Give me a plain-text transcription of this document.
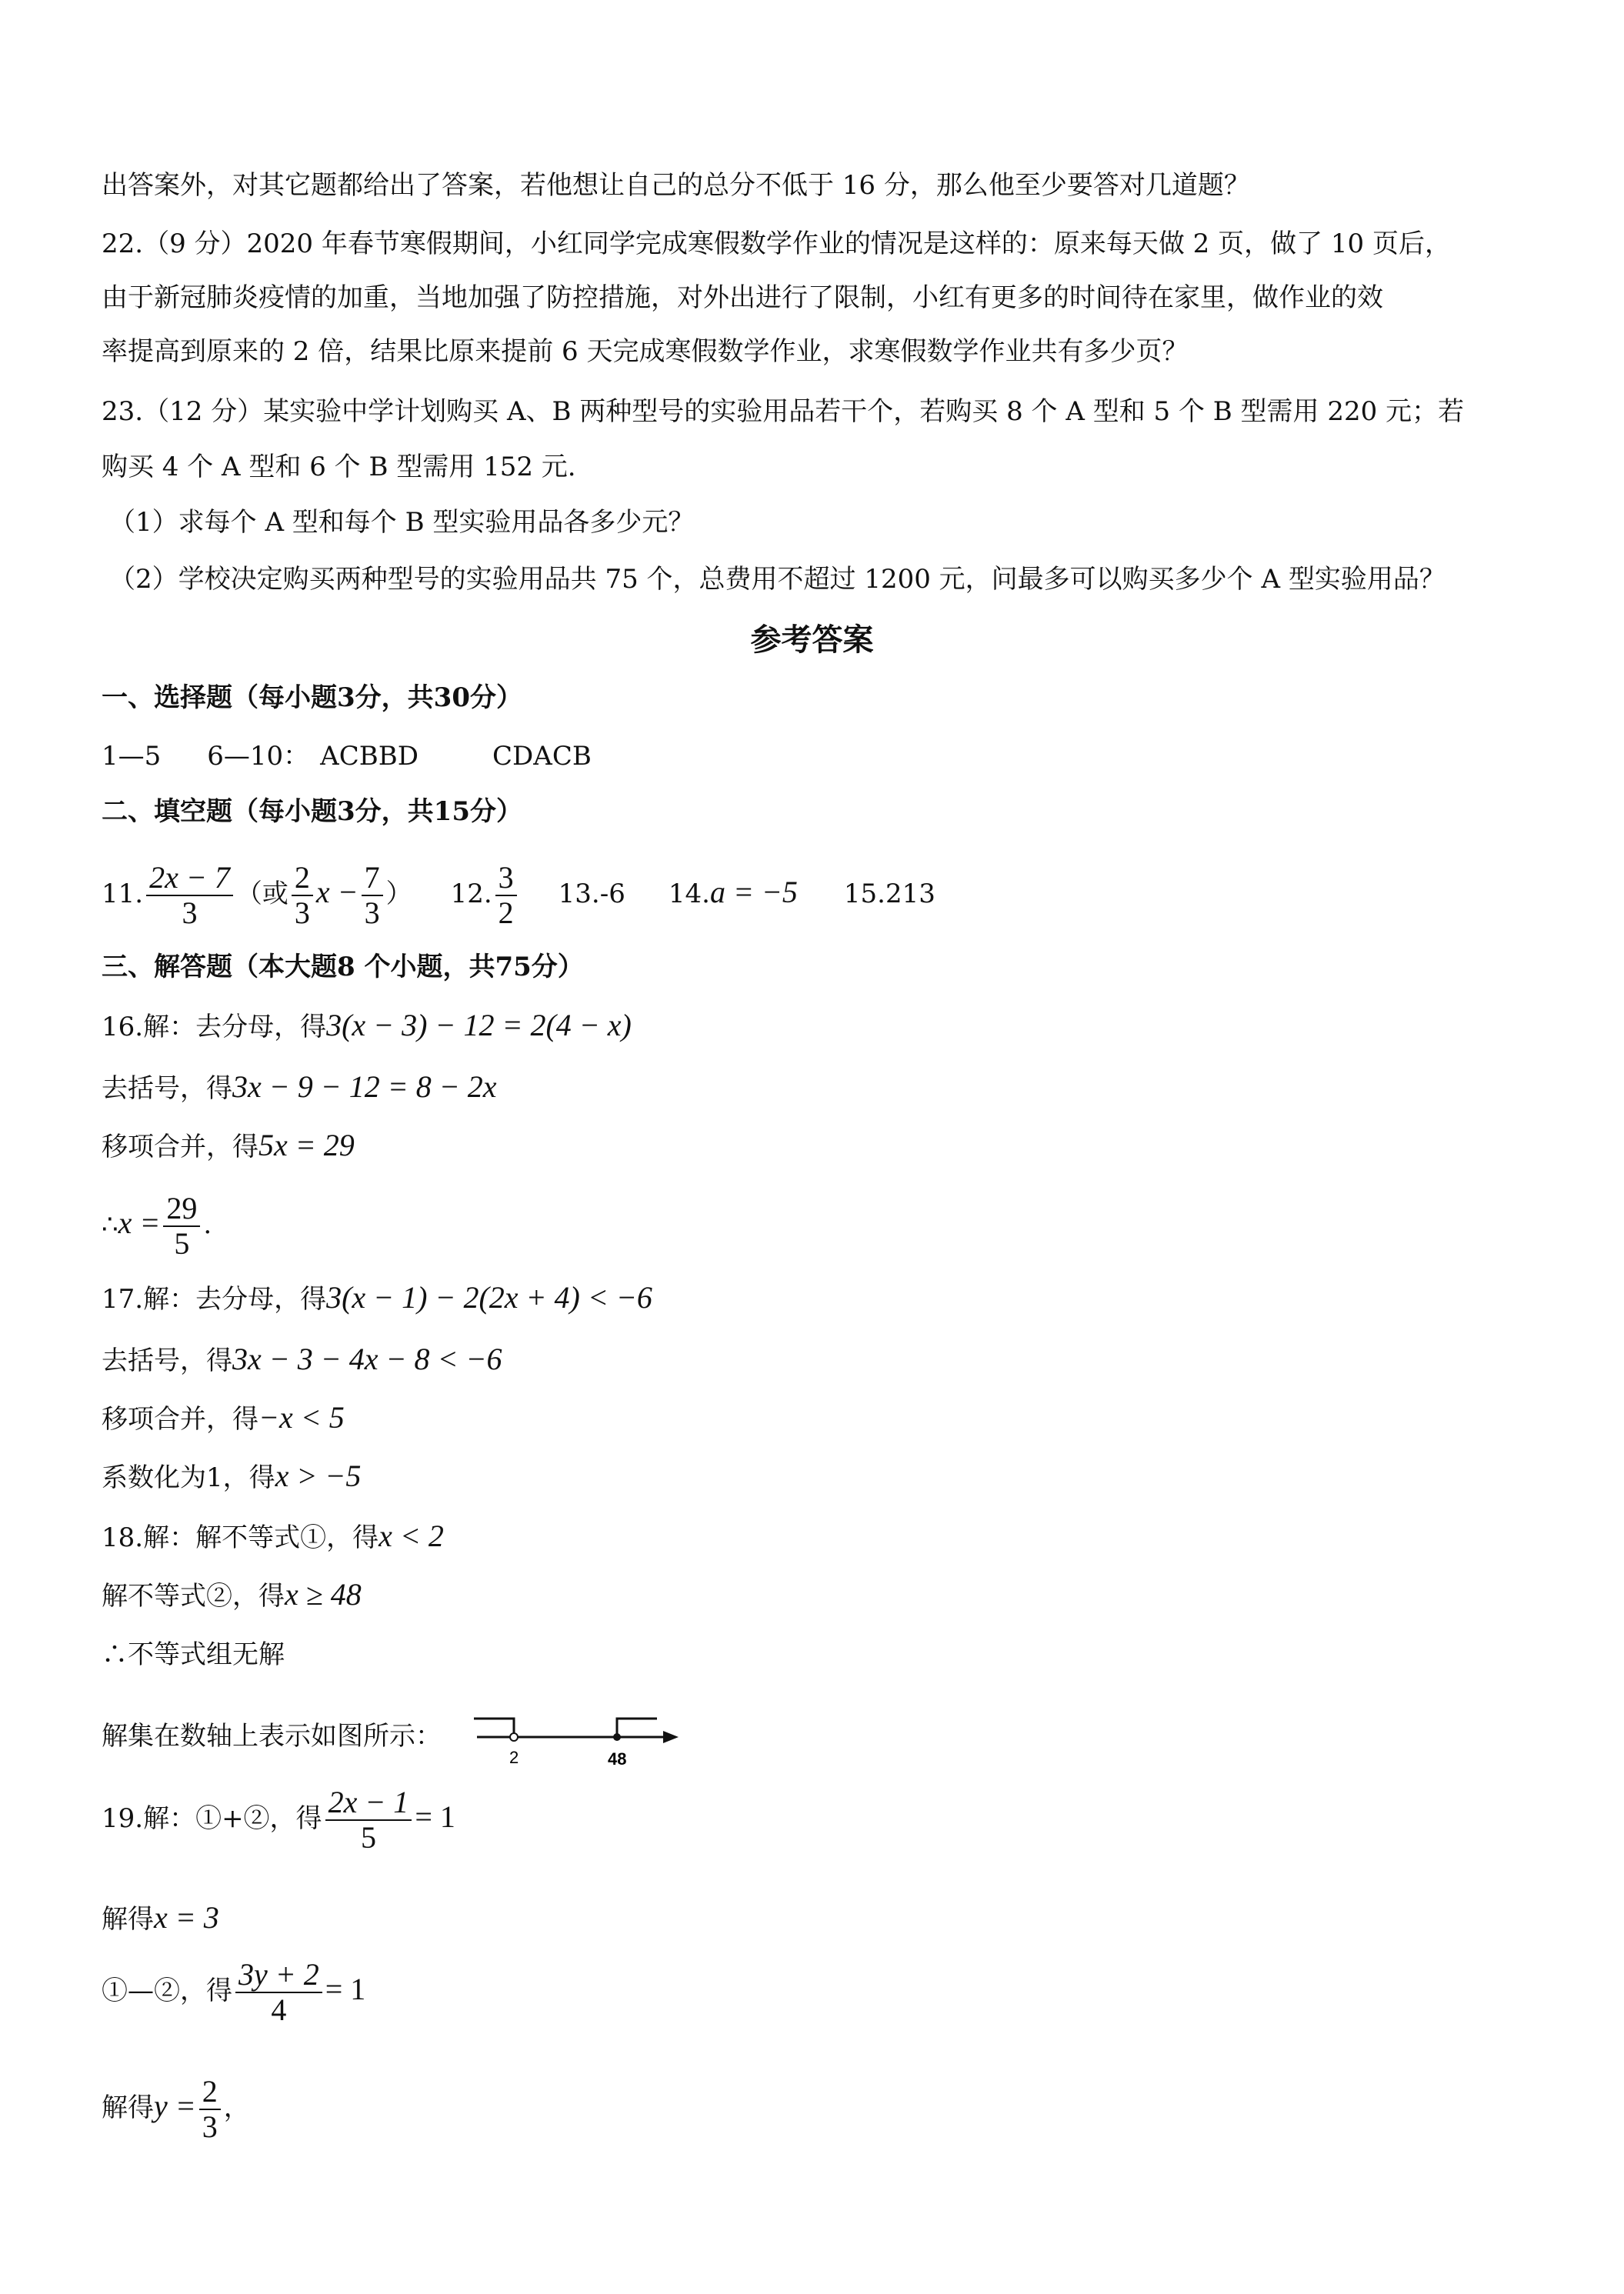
出答案外，对其它题都给出了答案，若他想让自己的总分不低于 16 分，那么他至少要答对几道题？
22.（9 分）2020 年春节寒假期间，小红同学完成寒假数学作业的情况是这样的：原来每天做 2 页，做了 10 页后，
由于新冠肺炎疫情的加重，当地加强了防控措施，对外出进行了限制，小红有更多的时间待在家里，做作业的效
率提高到原来的 2 倍，结果比原来提前 6 天完成寒假数学作业，求寒假数学作业共有多少页？
23.（12 分）某实验中学计划购买 A、B 两种型号的实验用品若干个，若购买 8 个 A 型和 5 个 B 型需用 220 元；若
购买 4 个 A 型和 6 个 B 型需用 152 元.
（1）求每个 A 型和每个 B 型实验用品各多少元？
（2）学校决定购买两种型号的实验用品共 75 个，总费用不超过 1200 元，问最多可以购买多少个 A 型实验用品？
参考答案
一、选择题（每小题3分，共30分）
1—5 6—10： ACBBD	CDACB
二、填空题（每小题3分，共15分）
11. $\frac{2x - 7}{3}$ （或 $\frac{2}{3}$ $x - \frac{7}{3}$ ） 12. $\frac{3}{2} 13.-6$ 14.a = −5 15.213
三、解答题（本大题8 个小题，共75分）
16.解：去分母，得3(x − 3) − 12 = 2(4 − x)
去括号，得3x − 9 − 12 = 8 − 2x
移项合并，得5x = 29
∴x = $\frac{29}{5}$ .
17.解：去分母，得3(x − 1) − 2(2x + 4) < −6
去括号，得3x − 3 − 4x − 8 < −6
移项合并，得−x < 5
系数化为1，得x > −5
18.解：解不等式①，得x < 2
解不等式②，得x ≥ 48
∴不等式组无解
解集在数轴上表示如图所示：
2	48
19.解：①+②，得 $\frac{2x - 1}{5} = 1$
解得x = 3
①—②，得 $\frac{3y + 2}{4} = 1$
解得$y = \frac{2}{3}$ ，
